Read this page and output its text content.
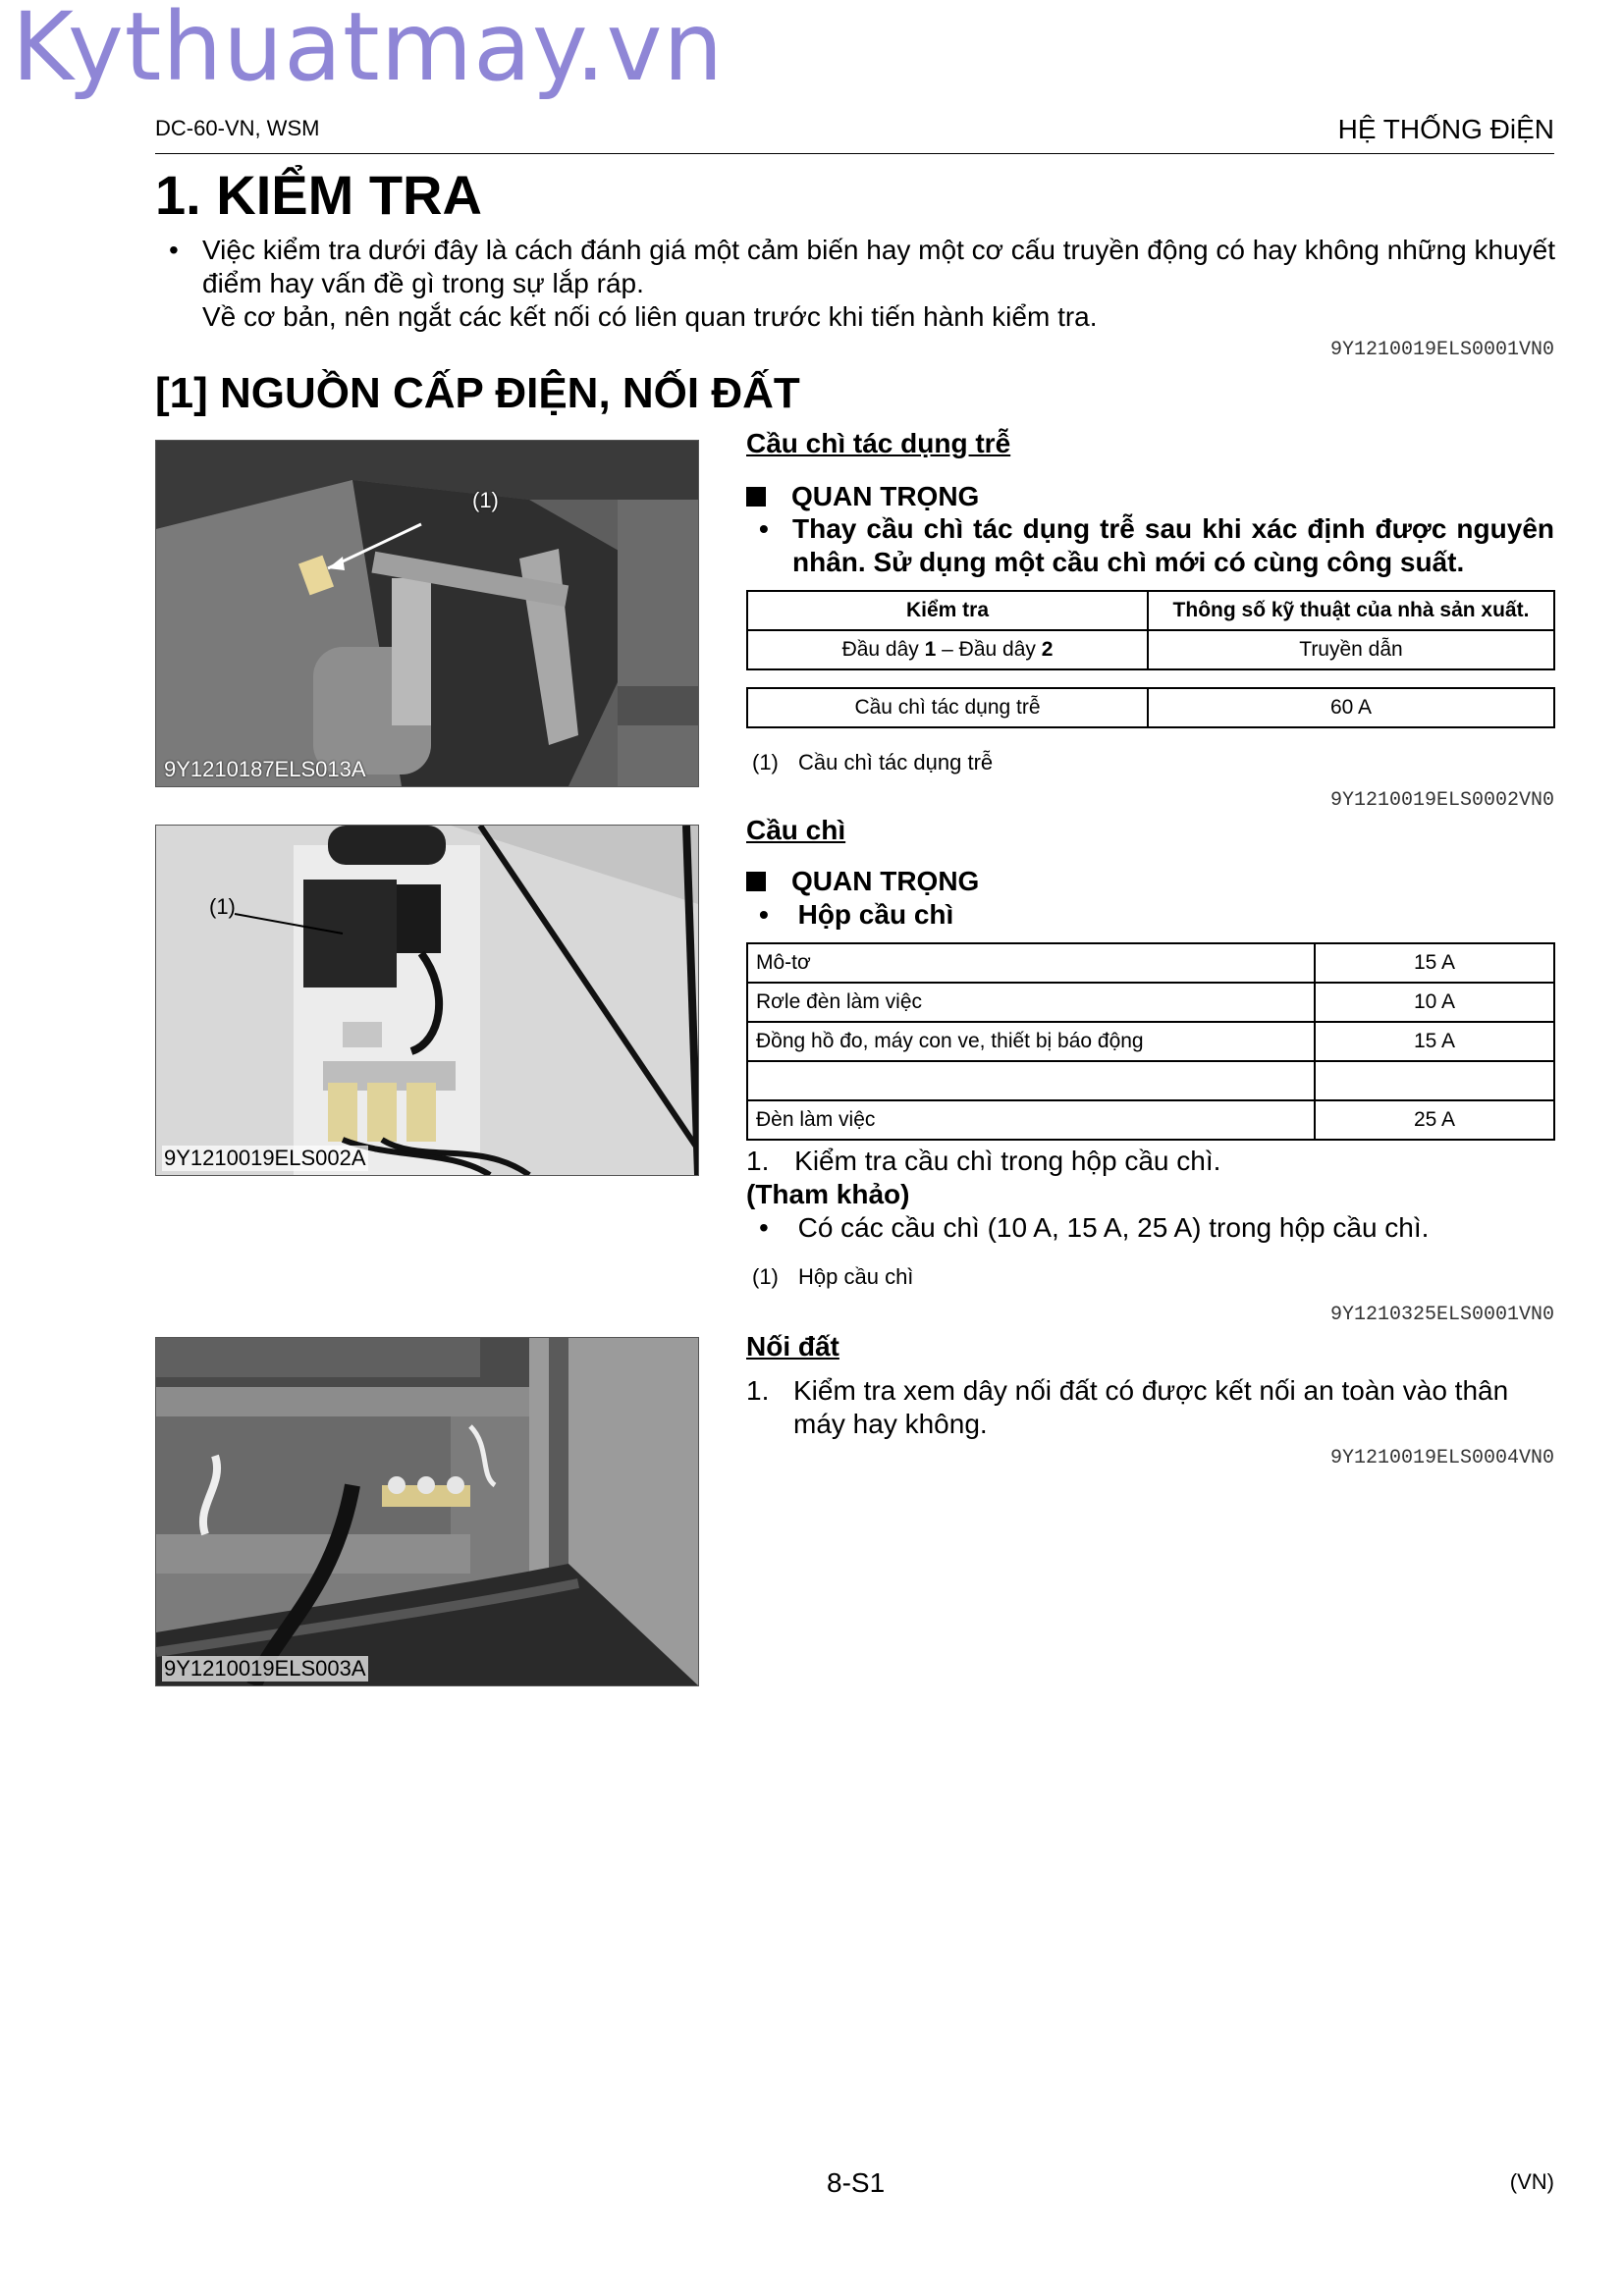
Kythuatmay.vn
DC-60-VN, WSM	HỆ THỐNG ĐiỆN
1. KIỂM TRA
• Việc kiểm tra dưới đây là cách đánh giá một cảm biến hay một cơ cấu truyền động có hay không những khuyết điểm hay vấn đề gì trong sự lắp ráp.
Về cơ bản, nên ngắt các kết nối có liên quan trước khi tiến hành kiểm tra.
9Y1210019ELS0001VN0
[1] NGUỒN CẤP ĐIỆN, NỐI ĐẤT
(1)
9Y1210187ELS013A
(1)
9Y1210019ELS002A
9Y1210019ELS003A
Cầu chì tác dụng trễ
QUAN TRỌNG
• Thay cầu chì tác dụng trễ sau khi xác định được nguyên nhân. Sử dụng một cầu chì mới có cùng công suất.
Kiểm tra	Thông số kỹ thuật của nhà sản xuất.
Đầu dây 1 – Đầu dây 2	Truyền dẫn
Cầu chì tác dụng trễ	60 A
(1) Cầu chì tác dụng trễ
9Y1210019ELS0002VN0
Cầu chì
QUAN TRỌNG
• Hộp cầu chì
Mô-tơ	15 A
Rơle đèn làm việc	10 A
Đồng hồ đo, máy con ve, thiết bị báo động	15 A

Đèn làm việc	25 A
1. Kiểm tra cầu chì trong hộp cầu chì.
(Tham khảo)
• Có các cầu chì (10 A, 15 A, 25 A) trong hộp cầu chì.
(1) Hộp cầu chì
9Y1210325ELS0001VN0
Nối đất
1. Kiểm tra xem dây nối đất có được kết nối an toàn vào thân máy hay không.
9Y1210019ELS0004VN0
8-S1	(VN)
